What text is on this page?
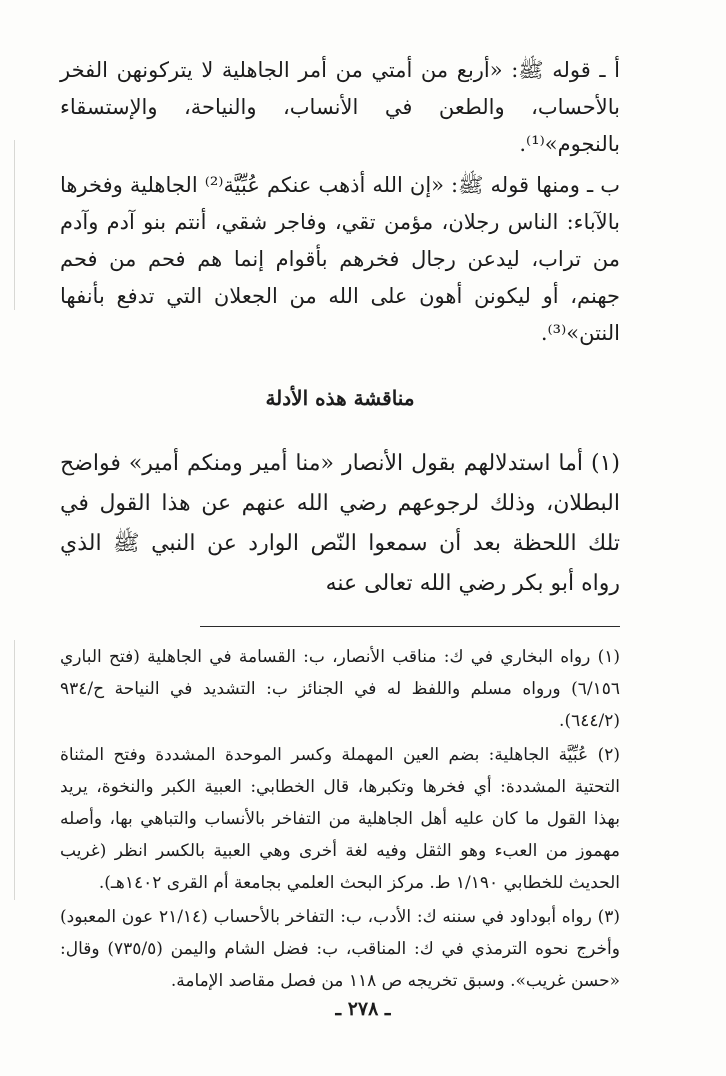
أ ـ قوله ﷺ: «أربع من أمتي من أمر الجاهلية لا يتركونهن الفخر بالأحساب، والطعن في الأنساب، والنياحة، والإستسقاء بالنجوم»⁽¹⁾.

ب ـ ومنها قوله ﷺ: «إن الله أذهب عنكم عُبِّيَّة⁽²⁾ الجاهلية وفخرها بالآباء: الناس رجلان، مؤمن تقي، وفاجر شقي، أنتم بنو آدم وآدم من تراب، ليدعن رجال فخرهم بأقوام إنما هم فحم من فحم جهنم، أو ليكونن أهون على الله من الجعلان التي تدفع بأنفها النتن»⁽³⁾.

مناقشة هذه الأدلة

(١) أما استدلالهم بقول الأنصار «منا أمير ومنكم أمير» فواضح البطلان، وذلك لرجوعهم رضي الله عنهم عن هذا القول في تلك اللحظة بعد أن سمعوا النّص الوارد عن النبي ﷺ الذي رواه أبو بكر رضي الله تعالى عنه

(١) رواه البخاري في ك: مناقب الأنصار، ب: القسامة في الجاهلية (فتح الباري ٦/١٥٦) ورواه مسلم واللفظ له في الجنائز ب: التشديد في النياحة ح/٩٣٤ (٦٤٤/٢).

(٢) عُبِّيَّة الجاهلية: بضم العين المهملة وكسر الموحدة المشددة وفتح المثناة التحتية المشددة: أي فخرها وتكبرها، قال الخطابي: العبية الكبر والنخوة، يريد بهذا القول ما كان عليه أهل الجاهلية من التفاخر بالأنساب والتباهي بها، وأصله مهموز من العبء وهو الثقل وفيه لغة أخرى وهي العبية بالكسر انظر (غريب الحديث للخطابي ١/١٩٠ ط. مركز البحث العلمي بجامعة أم القرى ١٤٠٢هـ).

(٣) رواه أبوداود في سننه ك: الأدب، ب: التفاخر بالأحساب (٢١/١٤ عون المعبود) وأخرج نحوه الترمذي في ك: المناقب، ب: فضل الشام واليمن (٧٣٥/٥) وقال: «حسن غريب». وسبق تخريجه ص ١١٨ من فصل مقاصد الإمامة.

ـ ٢٧٨ ـ
